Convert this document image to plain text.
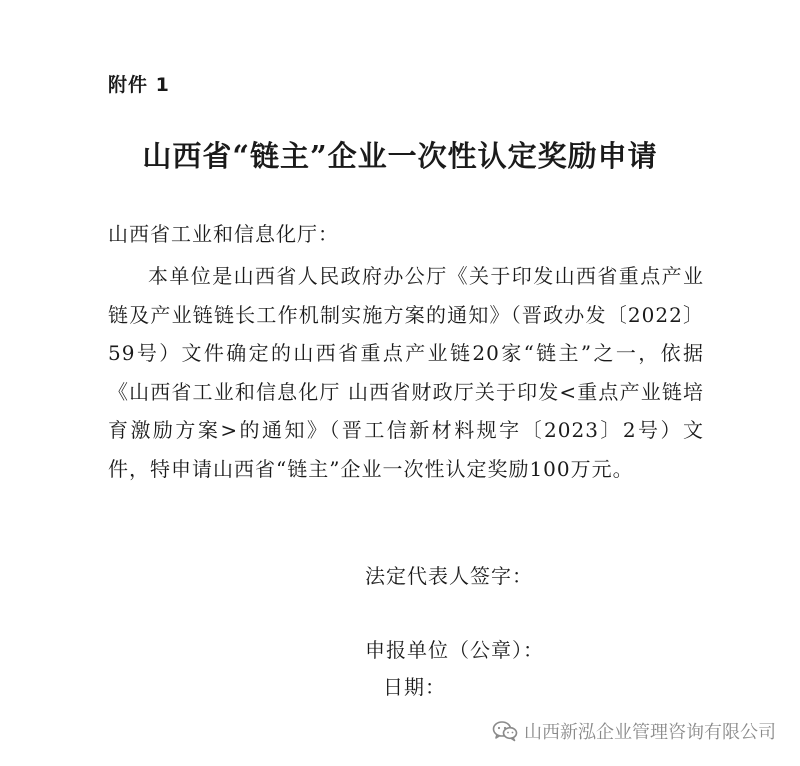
附件 1
山西省“链主”企业一次性认定奖励申请
山西省工业和信息化厅：
本单位是山西省人民政府办公厅《关于印发山西省重点产业链及产业链链长工作机制实施方案的通知》（晋政办发〔2022〕59号）文件确定的山西省重点产业链20家“链主”之一，依据《山西省工业和信息化厅 山西省财政厅关于印发<重点产业链培育激励方案>的通知》（晋工信新材料规字〔2023〕2号）文件，特申请山西省“链主”企业一次性认定奖励100万元。
法定代表人签字：
申报单位（公章）：
日期：
山西新泓企业管理咨询有限公司
